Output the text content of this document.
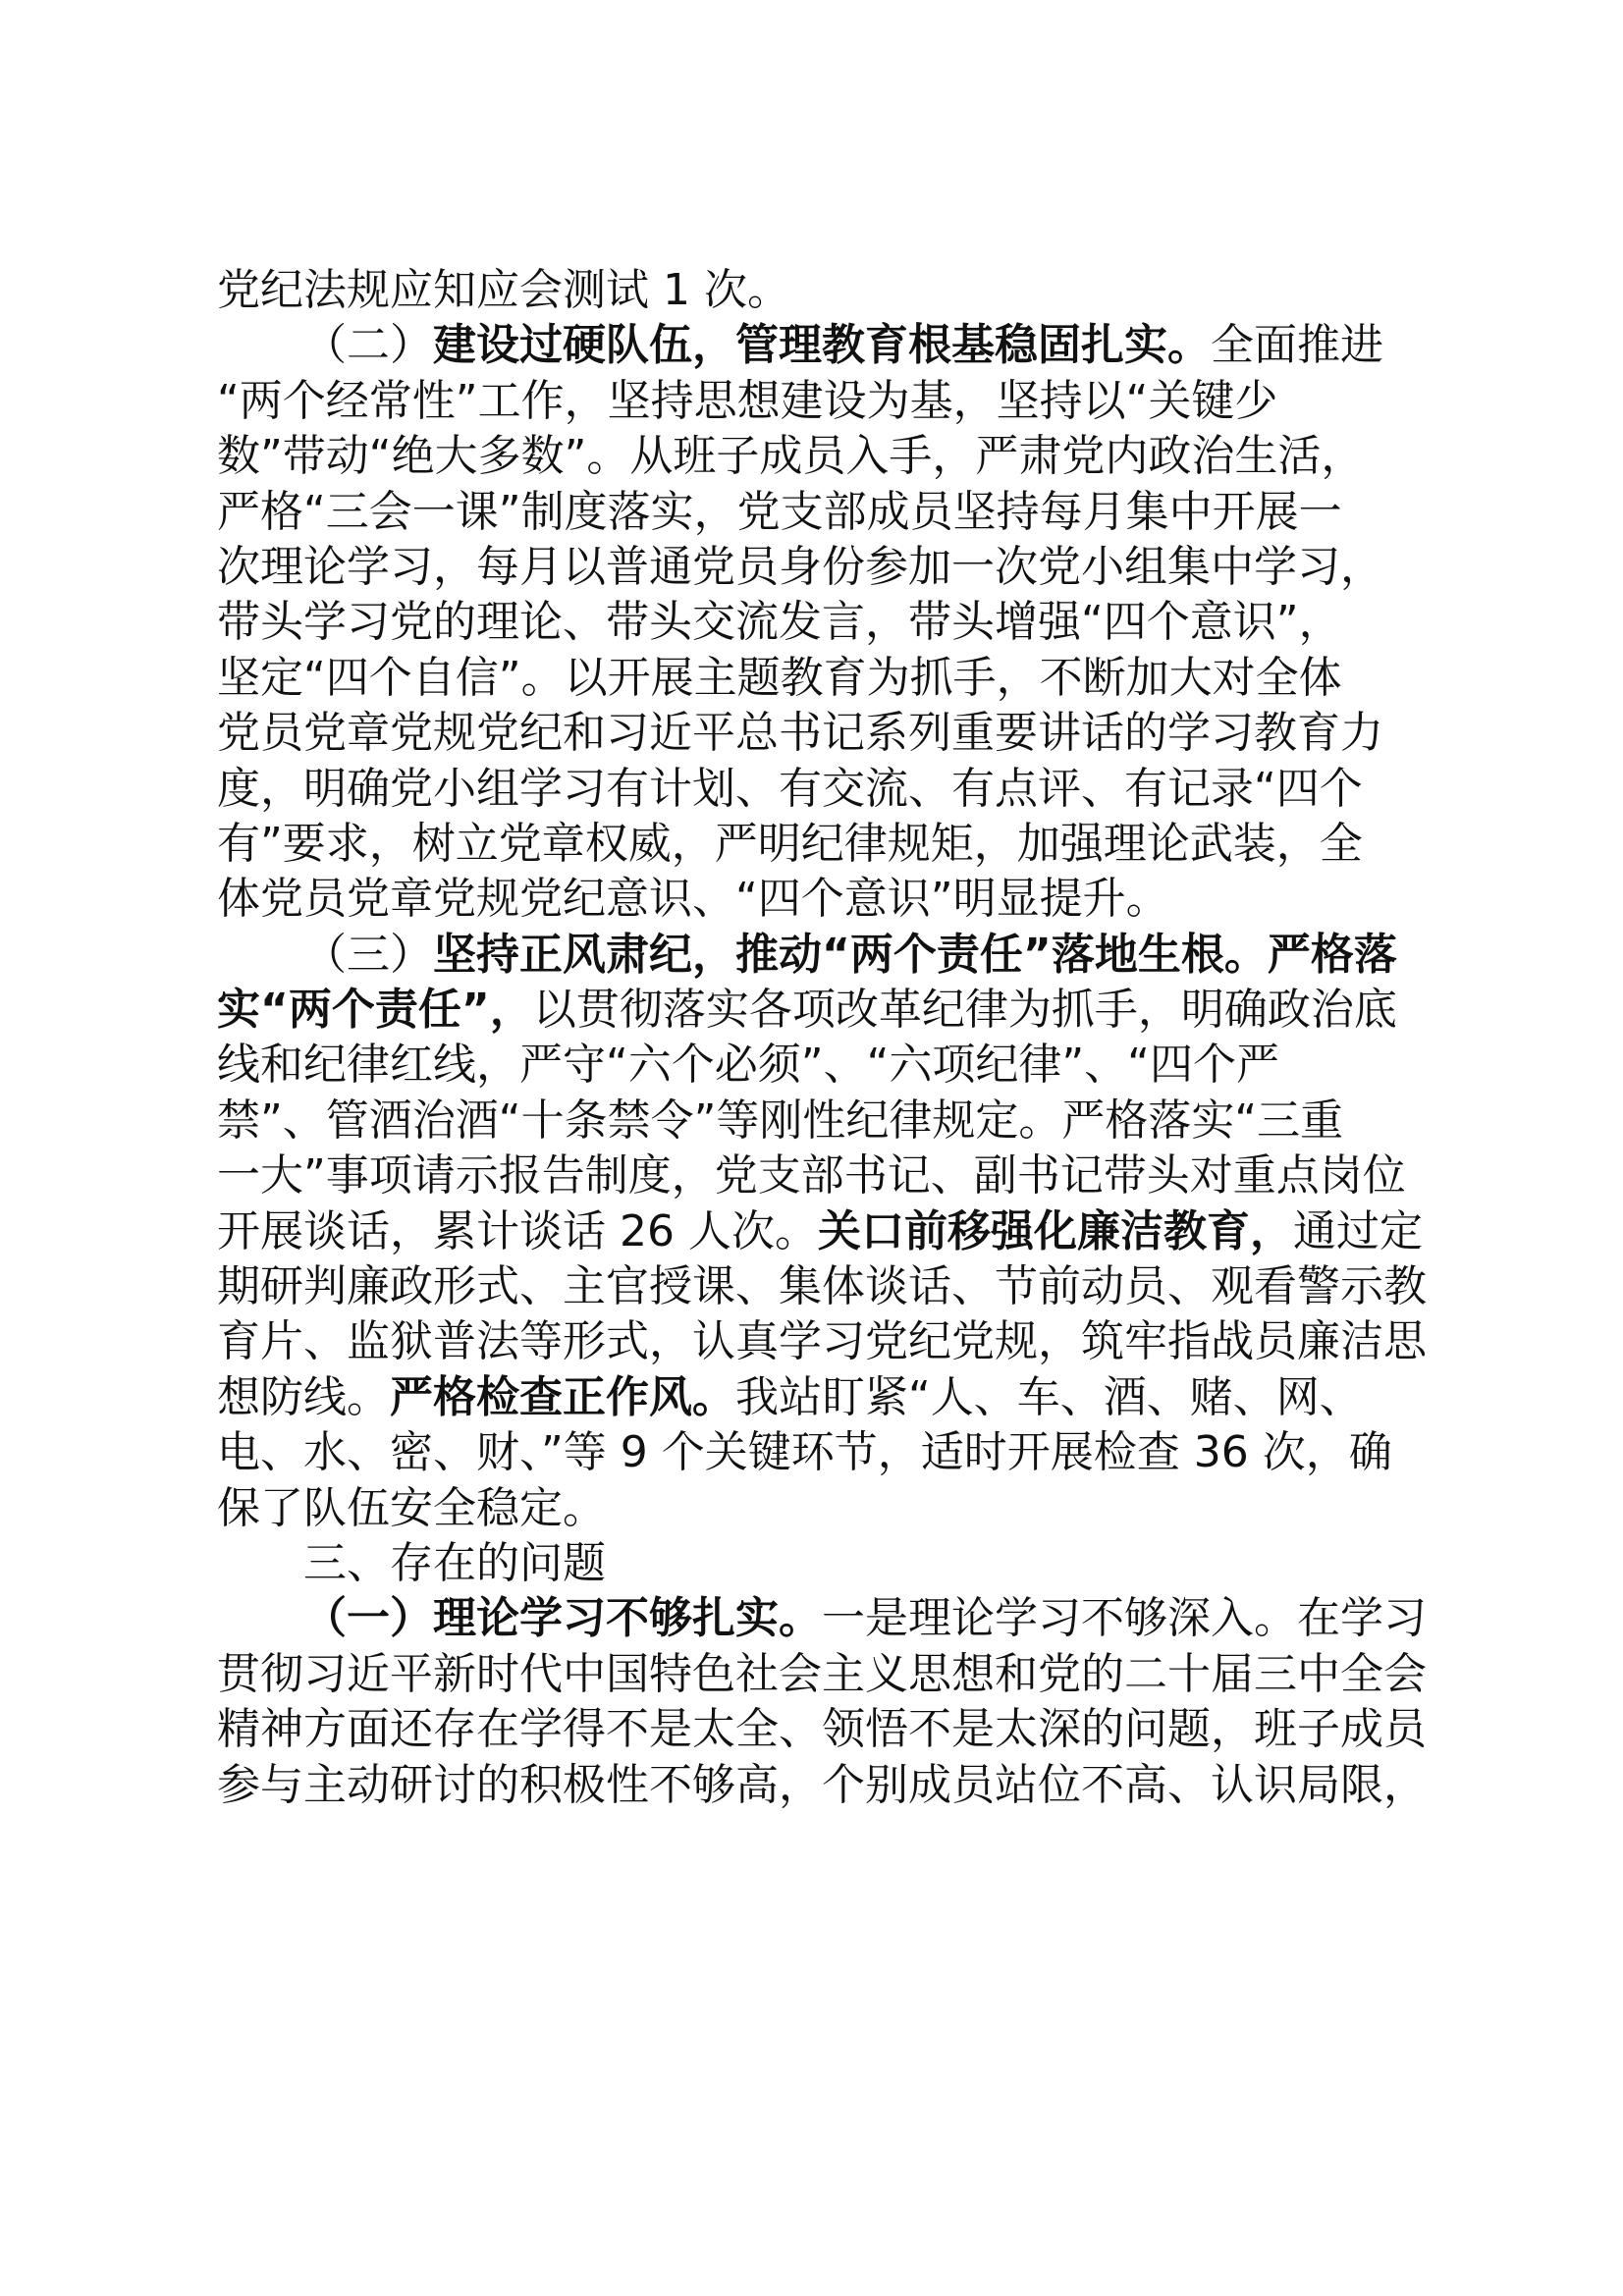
党纪法规应知应会测试 1 次。
（二）建设过硬队伍，管理教育根基稳固扎实。全面推进
“两个经常性”工作，坚持思想建设为基，坚持以“关键少
数”带动“绝大多数”。从班子成员入手，严肃党内政治生活，
严格“三会一课”制度落实，党支部成员坚持每月集中开展一
次理论学习，每月以普通党员身份参加一次党小组集中学习，
带头学习党的理论、带头交流发言，带头增强“四个意识”，
坚定“四个自信”。以开展主题教育为抓手，不断加大对全体
党员党章党规党纪和习近平总书记系列重要讲话的学习教育力
度，明确党小组学习有计划、有交流、有点评、有记录“四个
有”要求，树立党章权威，严明纪律规矩，加强理论武装，全
体党员党章党规党纪意识、“四个意识”明显提升。
（三）坚持正风肃纪，推动“两个责任”落地生根。严格落
实“两个责任”，以贯彻落实各项改革纪律为抓手，明确政治底
线和纪律红线，严守“六个必须”、“六项纪律”、“四个严
禁”、管酒治酒“十条禁令”等刚性纪律规定。严格落实“三重
一大”事项请示报告制度，党支部书记、副书记带头对重点岗位
开展谈话，累计谈话 26 人次。关口前移强化廉洁教育，通过定
期研判廉政形式、主官授课、集体谈话、节前动员、观看警示教
育片、监狱普法等形式，认真学习党纪党规，筑牢指战员廉洁思
想防线。严格检查正作风。我站盯紧“人、车、酒、赌、网、
电、水、密、财、”等 9 个关键环节，适时开展检查 36 次，确
保了队伍安全稳定。
三、存在的问题
（一）理论学习不够扎实。一是理论学习不够深入。在学习
贯彻习近平新时代中国特色社会主义思想和党的二十届三中全会
精神方面还存在学得不是太全、领悟不是太深的问题，班子成员
参与主动研讨的积极性不够高，个别成员站位不高、认识局限，
